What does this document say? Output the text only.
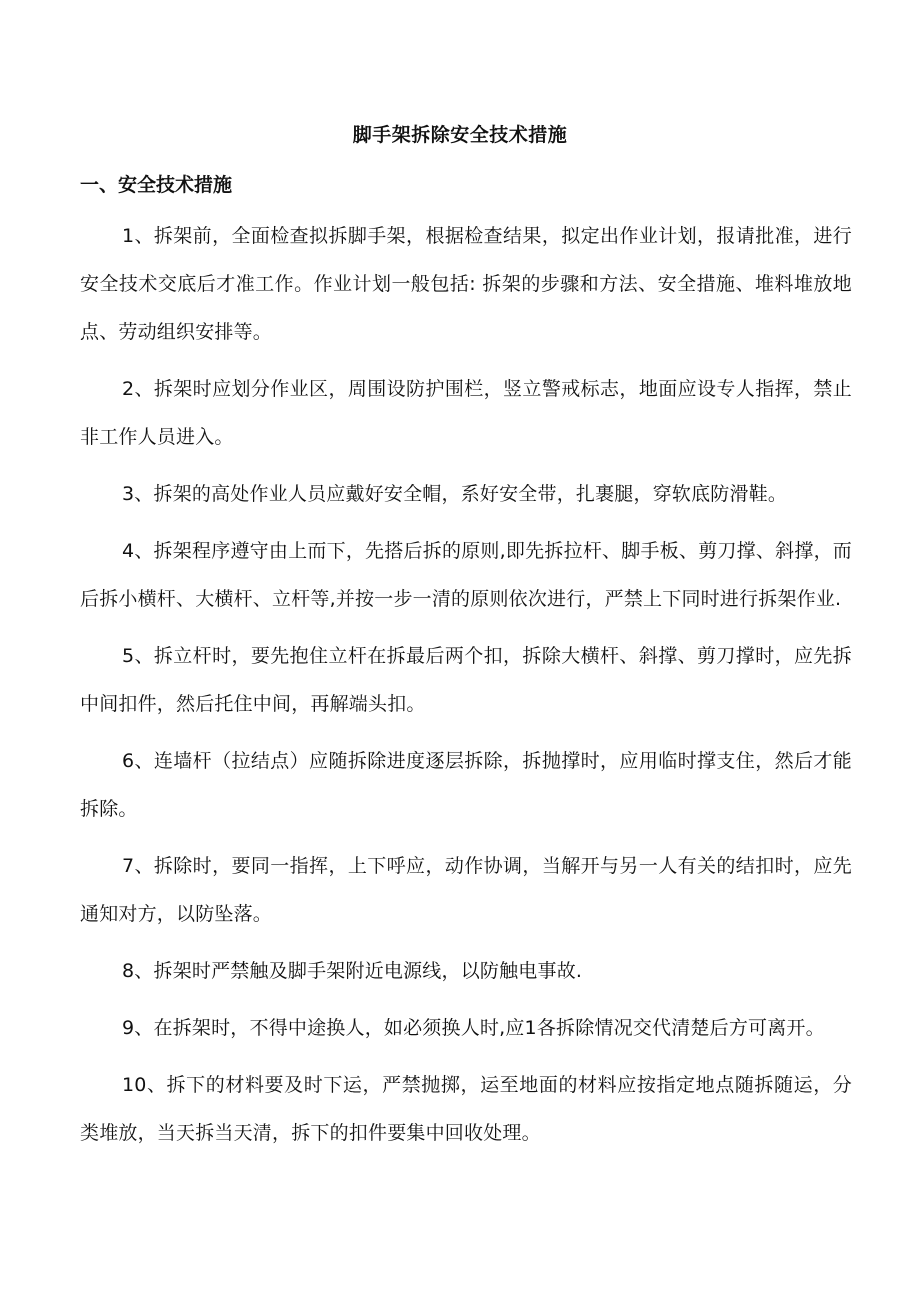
脚手架拆除安全技术措施
一、安全技术措施

1、拆架前，全面检查拟拆脚手架，根据检查结果，拟定出作业计划，报请批准，进行安全技术交底后才准工作。作业计划一般包括: 拆架的步骤和方法、安全措施、堆料堆放地点、劳动组织安排等。

2、拆架时应划分作业区，周围设防护围栏，竖立警戒标志，地面应设专人指挥，禁止非工作人员进入。

3、拆架的高处作业人员应戴好安全帽，系好安全带，扎裹腿，穿软底防滑鞋。

4、拆架程序遵守由上而下，先搭后拆的原则,即先拆拉杆、脚手板、剪刀撑、斜撑，而后拆小横杆、大横杆、立杆等,并按一步一清的原则依次进行，严禁上下同时进行拆架作业.

5、拆立杆时，要先抱住立杆在拆最后两个扣，拆除大横杆、斜撑、剪刀撑时，应先拆中间扣件，然后托住中间，再解端头扣。

6、连墙杆（拉结点）应随拆除进度逐层拆除，拆抛撑时，应用临时撑支住，然后才能拆除。

7、拆除时，要同一指挥，上下呼应，动作协调，当解开与另一人有关的结扣时，应先通知对方，以防坠落。

8、拆架时严禁触及脚手架附近电源线，以防触电事故.

9、在拆架时，不得中途换人，如必须换人时,应1各拆除情况交代清楚后方可离开。

10、拆下的材料要及时下运，严禁抛掷，运至地面的材料应按指定地点随拆随运，分类堆放，当天拆当天清，拆下的扣件要集中回收处理。
